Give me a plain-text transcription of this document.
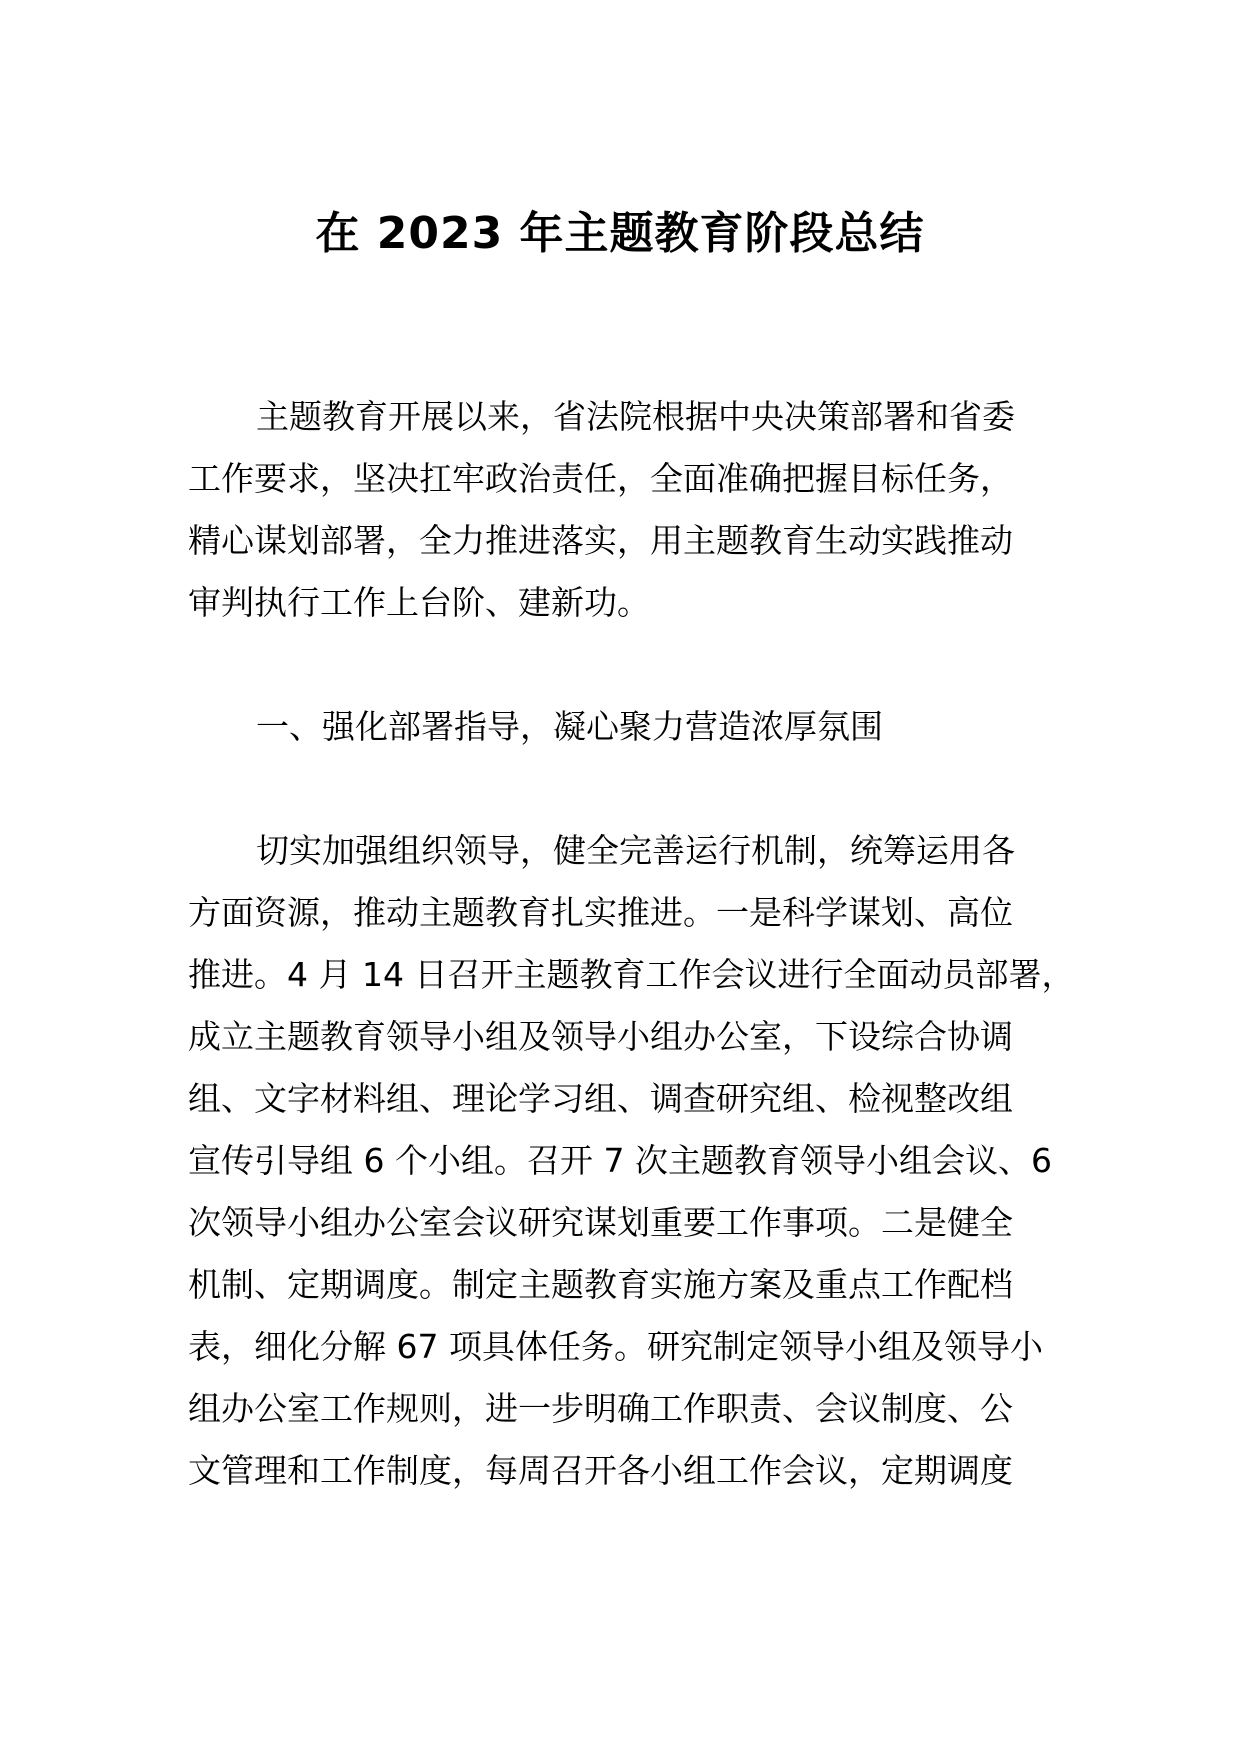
在 2023 年主题教育阶段总结
主题教育开展以来，省法院根据中央决策部署和省委
工作要求，坚决扛牢政治责任，全面准确把握目标任务，
精心谋划部署，全力推进落实，用主题教育生动实践推动
审判执行工作上台阶、建新功。
一、强化部署指导，凝心聚力营造浓厚氛围
切实加强组织领导，健全完善运行机制，统筹运用各
方面资源，推动主题教育扎实推进。一是科学谋划、高位
推进。4 月 14 日召开主题教育工作会议进行全面动员部署，
成立主题教育领导小组及领导小组办公室，下设综合协调
组、文字材料组、理论学习组、调查研究组、检视整改组
宣传引导组 6 个小组。召开 7 次主题教育领导小组会议、6
次领导小组办公室会议研究谋划重要工作事项。二是健全
机制、定期调度。制定主题教育实施方案及重点工作配档
表，细化分解 67 项具体任务。研究制定领导小组及领导小
组办公室工作规则，进一步明确工作职责、会议制度、公
文管理和工作制度，每周召开各小组工作会议，定期调度
